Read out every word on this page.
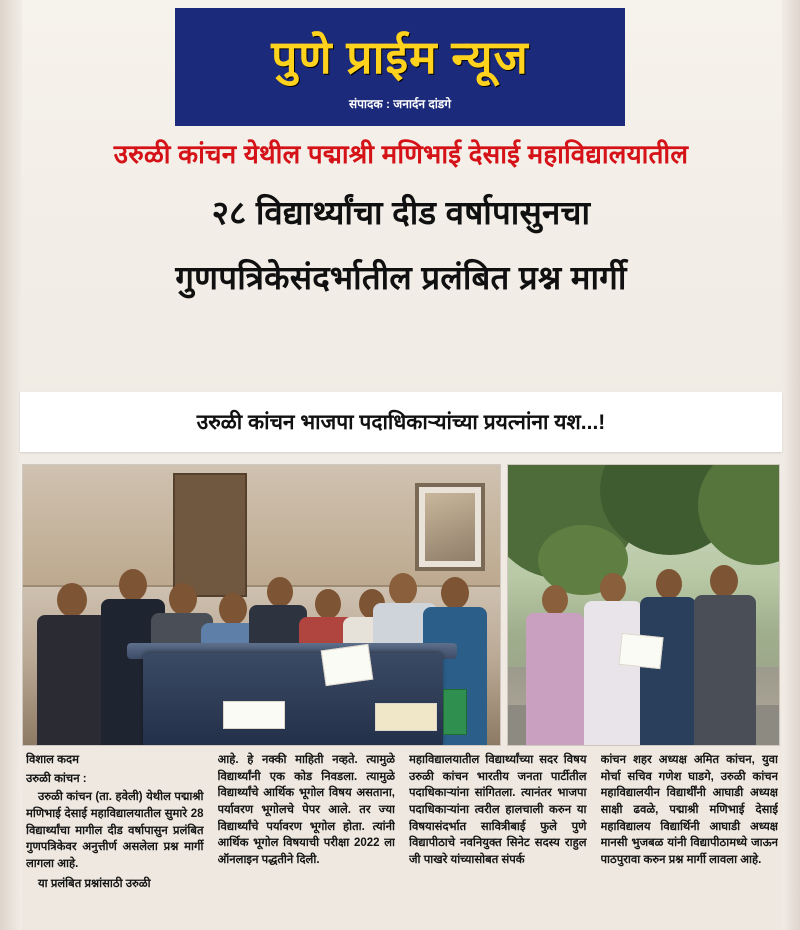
पुणे प्राईम न्यूज
संपादक : जनार्दन दांडगे
उरुळी कांचन येथील पद्माश्री मणिभाई देसाई महाविद्यालयातील
२८ विद्यार्थ्यांचा दीड वर्षापासुनचा
गुणपत्रिकेसंदर्भातील प्रलंबित प्रश्न मार्गी
उरुळी कांचन भाजपा पदाधिकाऱ्यांच्या प्रयत्नांना यश...!
विशाल कदम
उरुळी कांचन :

उरुळी कांचन (ता. हवेली) येथील पद्माश्री मणिभाई देसाई महाविद्यालयातील सुमारे 28 विद्यार्थ्यांचा मागील दीड वर्षापासुन प्रलंबित गुणपत्रिकेवर अनुत्तीर्ण असलेला प्रश्न मार्गी लागला आहे.

या प्रलंबित प्रश्नांसाठी उरुळी

आहे. हे नक्की माहिती नव्हते. त्यामुळे विद्यार्थ्यांनी एक कोड निवडला. त्यामुळे विद्यार्थ्यांचे आर्थिक भूगोल विषय असताना, पर्यावरण भूगोलचे पेपर आले. तर ज्या विद्यार्थ्यांचे पर्यावरण भूगोल होता. त्यांनी आर्थिक भूगोल विषयाची परीक्षा 2022 ला ऑनलाइन पद्धतीने दिली.

महाविद्यालयातील विद्यार्थ्यांच्या सदर विषय उरुळी कांचन भारतीय जनता पार्टीतील पदाधिकाऱ्यांना सांगितला. त्यानंतर भाजपा पदाधिकाऱ्यांना त्वरील हालचाली करुन या विषयासंदर्भात सावित्रीबाई फुले पुणे विद्यापीठाचे नवनियुक्त सिनेट सदस्य राहुल जी पाखरे यांच्यासोबत संपर्क

कांचन शहर अध्यक्ष अमित कांचन, युवा मोर्चा सचिव गणेश घाडगे, उरुळी कांचन महाविद्यालयीन विद्यार्थींनी आघाडी अध्यक्ष साक्षी ढवळे, पद्माश्री मणिभाई देसाई महाविद्यालय विद्यार्थिनी आघाडी अध्यक्ष मानसी भुजबळ यांनी विद्यापीठामध्ये जाऊन पाठपुरावा करुन प्रश्न मार्गी लावला आहे.
